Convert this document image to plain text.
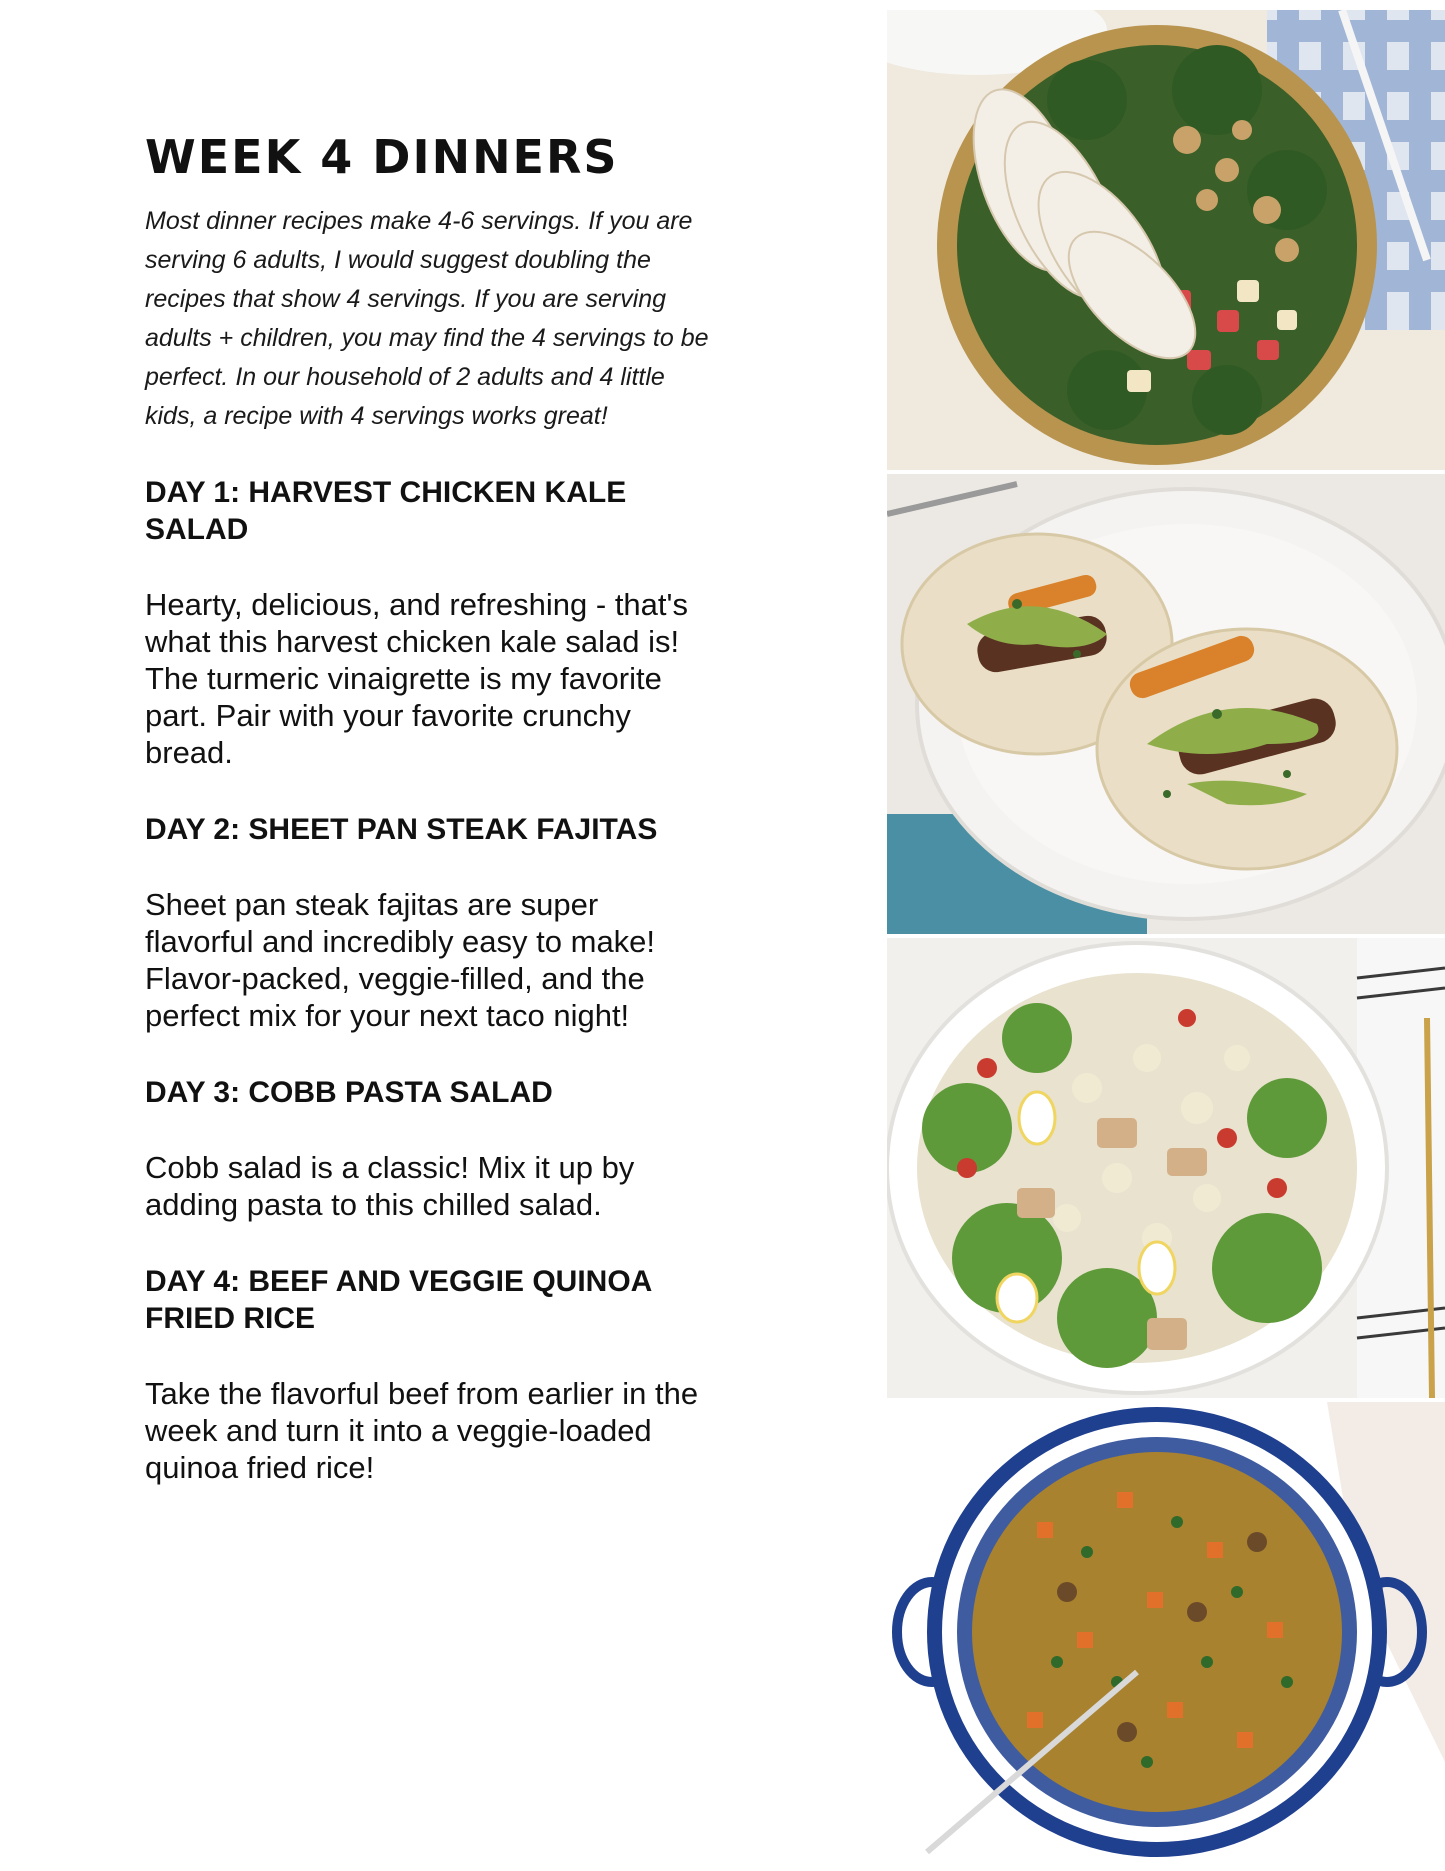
WEEK 4 DINNERS

Most dinner recipes make 4-6 servings. If you are serving 6 adults, I would suggest doubling the recipes that show 4 servings. If you are serving adults + children, you may find the 4 servings to be perfect. In our household of 2 adults and 4 little kids, a recipe with 4 servings works great!

DAY 1: HARVEST CHICKEN KALE SALAD

Hearty, delicious, and refreshing - that's what this harvest chicken kale salad is! The turmeric vinaigrette is my favorite part. Pair with your favorite crunchy bread.

DAY 2: SHEET PAN STEAK FAJITAS

Sheet pan steak fajitas are super flavorful and incredibly easy to make! Flavor-packed, veggie-filled, and the perfect mix for your next taco night!

DAY 3: COBB PASTA SALAD

Cobb salad is a classic! Mix it up by adding pasta to this chilled salad.

DAY 4: BEEF AND VEGGIE QUINOA FRIED RICE

Take the flavorful beef from earlier in the week and turn it into a veggie-loaded quinoa fried rice!
